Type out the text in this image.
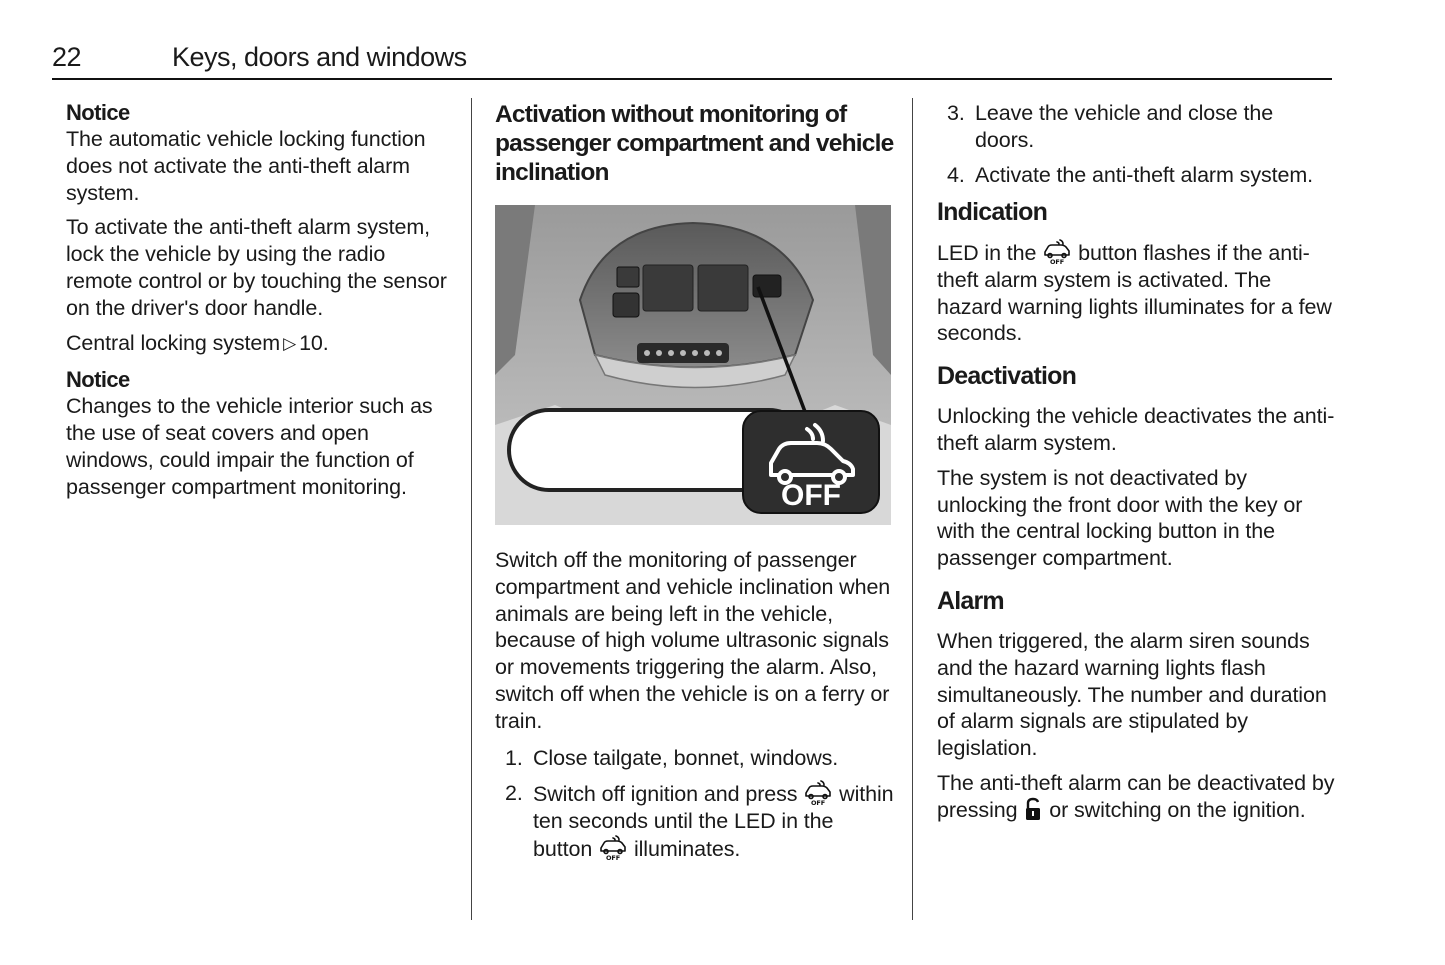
22	Keys, doors and windows
Notice

The automatic vehicle locking function does not activate the anti-theft alarm system.

To activate the anti-theft alarm system, lock the vehicle by using the radio remote control or by touching the sensor on the driver's door handle.

Central locking system ▷ 10.

Notice

Changes to the vehicle interior such as the use of seat covers and open windows, could impair the function of passenger compartment monitoring.

Activation without monitoring of passenger compartment and vehicle inclination
OFF

Switch off the monitoring of passenger compartment and vehicle inclination when animals are being left in the vehicle, because of high volume ultrasonic signals or movements triggering the alarm. Also, switch off when the vehicle is on a ferry or train.

1. Close tailgate, bonnet, windows.
2. Switch off ignition and press OFF within ten seconds until the LED in the button OFF illuminates.
3. Leave the vehicle and close the doors.
4. Activate the anti-theft alarm system.
Indication

LED in the OFF button flashes if the anti-theft alarm system is activated. The hazard warning lights illuminates for a few seconds.

Deactivation

Unlocking the vehicle deactivates the anti-theft alarm system.

The system is not deactivated by unlocking the front door with the key or with the central locking button in the passenger compartment.

Alarm

When triggered, the alarm siren sounds and the hazard warning lights flash simultaneously. The number and duration of alarm signals are stipulated by legislation.

The anti-theft alarm can be deactivated by pressing or switching on the ignition.
